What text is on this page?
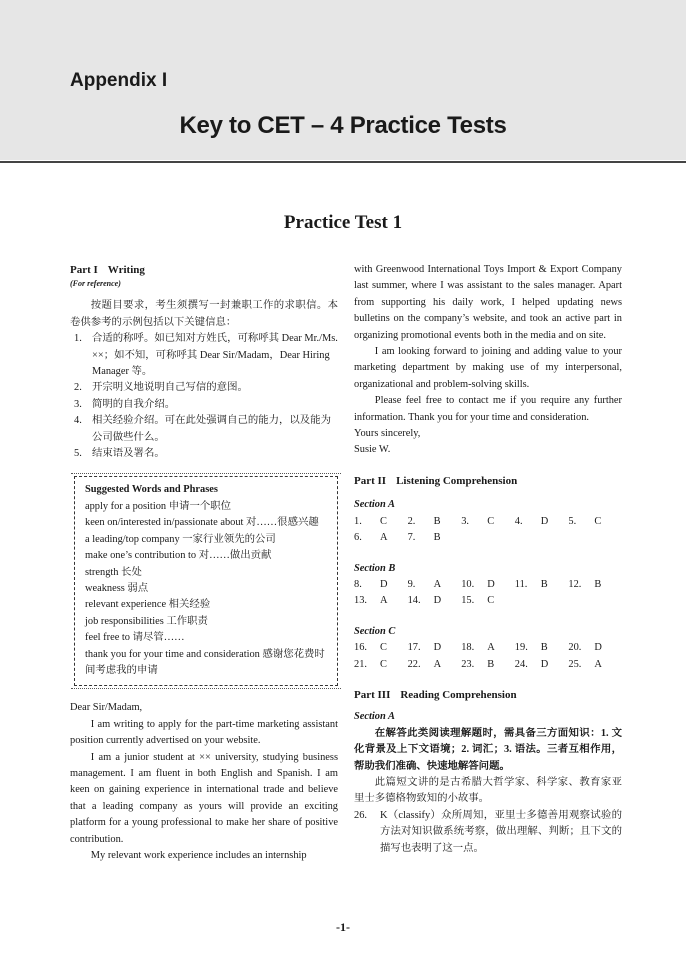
Appendix I
Key to CET – 4 Practice Tests
Practice Test 1
Part I Writing
(For reference)
按题目要求，考生须撰写一封兼职工作的求职信。本卷供参考的示例包括以下关键信息：
1. 合适的称呼。如已知对方姓氏，可称呼其 Dear Mr./Ms. ××；如不知，可称呼其 Dear Sir/Madam，Dear Hiring Manager 等。
2. 开宗明义地说明自己写信的意图。
3. 简明的自我介绍。
4. 相关经验介绍。可在此处强调自己的能力，以及能为公司做些什么。
5. 结束语及署名。
Suggested Words and Phrases
apply for a position 申请一个职位
keen on/interested in/passionate about 对……很感兴趣
a leading/top company 一家行业领先的公司
make one’s contribution to 对……做出贡献
strength 长处
weakness 弱点
relevant experience 相关经验
job responsibilities 工作职责
feel free to 请尽管……
thank you for your time and consideration 感谢您花费时间考虑我的申请
Dear Sir/Madam,
I am writing to apply for the part-time marketing assistant position currently advertised on your website.
I am a junior student at ×× university, studying business management. I am fluent in both English and Spanish. I am keen on gaining experience in international trade and believe that a leading company as yours will provide an exciting platform for a young professional to make her share of positive contribution.
My relevant work experience includes an internship
with Greenwood International Toys Import & Export Company last summer, where I was assistant to the sales manager. Apart from supporting his daily work, I helped updating news bulletins on the company’s website, and took an active part in organizing promotional events both in the media and on site.
I am looking forward to joining and adding value to your marketing department by making use of my interpersonal, organizational and problem-solving skills.
Please feel free to contact me if you require any further information. Thank you for your time and consideration.
Yours sincerely,
Susie W.
Part II Listening Comprehension
Section A
1.	C 2.	B 3.	C 4.	D 5.	C
6.	A 7.	B
Section B
8.	D 9.	A 10.	D 11.	B 12.	B
13.	A 14.	D 15.	C
Section C
16.	C 17.	D 18.	A 19.	B 20.	D
21.	C 22.	A 23.	B 24.	D 25.	A
Part III Reading Comprehension
Section A
在解答此类阅读理解题时，需具备三方面知识：1. 文化背景及上下文语境；2. 词汇；3. 语法。三者互相作用，帮助我们准确、快速地解答问题。
此篇短文讲的是古希腊大哲学家、科学家、教育家亚里士多德格物致知的小故事。
26.	K（classify）众所周知，亚里士多德善用观察试验的方法对知识做系统考察，做出理解、判断；且下文的描写也表明了这一点。
-1-
